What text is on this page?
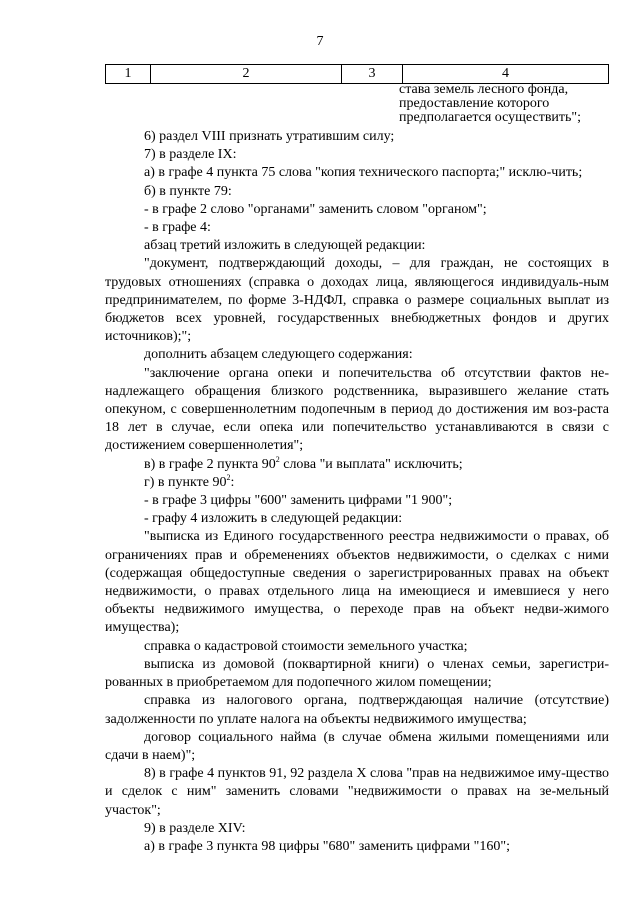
7
1	2	3	4
става земель лесного фонда,
предоставление которого
предполагается осуществить";

6) раздел VIII признать утратившим силу;

7) в разделе IX:

а) в графе 4 пункта 75 слова "копия технического паспорта;" исклю-чить;

б) в пункте 79:

- в графе 2 слово "органами" заменить словом "органом";

- в графе 4:

абзац третий изложить в следующей редакции:

"документ, подтверждающий доходы, – для граждан, не состоящих в трудовых отношениях (справка о доходах лица, являющегося индивидуаль-ным предпринимателем, по форме 3-НДФЛ, справка о размере социальных выплат из бюджетов всех уровней, государственных внебюджетных фондов и других источников);";

дополнить абзацем следующего содержания:

"заключение органа опеки и попечительства об отсутствии фактов не-надлежащего обращения близкого родственника, выразившего желание стать опекуном, с совершеннолетним подопечным в период до достижения им воз-раста 18 лет в случае, если опека или попечительство устанавливаются в связи с достижением совершеннолетия";

в) в графе 2 пункта $90^2$ слова "и выплата" исключить;

г) в пункте $90^2$:

- в графе 3 цифры "600" заменить цифрами "1 900";

- графу 4 изложить в следующей редакции:

"выписка из Единого государственного реестра недвижимости о правах, об ограничениях прав и обременениях объектов недвижимости, о сделках с ними (содержащая общедоступные сведения о зарегистрированных правах на объект недвижимости, о правах отдельного лица на имеющиеся и имевшиеся у него объекты недвижимого имущества, о переходе прав на объект недви-жимого имущества);

справка о кадастровой стоимости земельного участка;

выписка из домовой (поквартирной книги) о членах семьи, зарегистри-рованных в приобретаемом для подопечного жилом помещении;

справка из налогового органа, подтверждающая наличие (отсутствие) задолженности по уплате налога на объекты недвижимого имущества;

договор социального найма (в случае обмена жилыми помещениями или сдачи в наем)";

8) в графе 4 пунктов 91, 92 раздела X слова "прав на недвижимое иму-щество и сделок с ним" заменить словами "недвижимости о правах на зе-мельный участок";

9) в разделе XIV:

а) в графе 3 пункта 98 цифры "680" заменить цифрами "160";
